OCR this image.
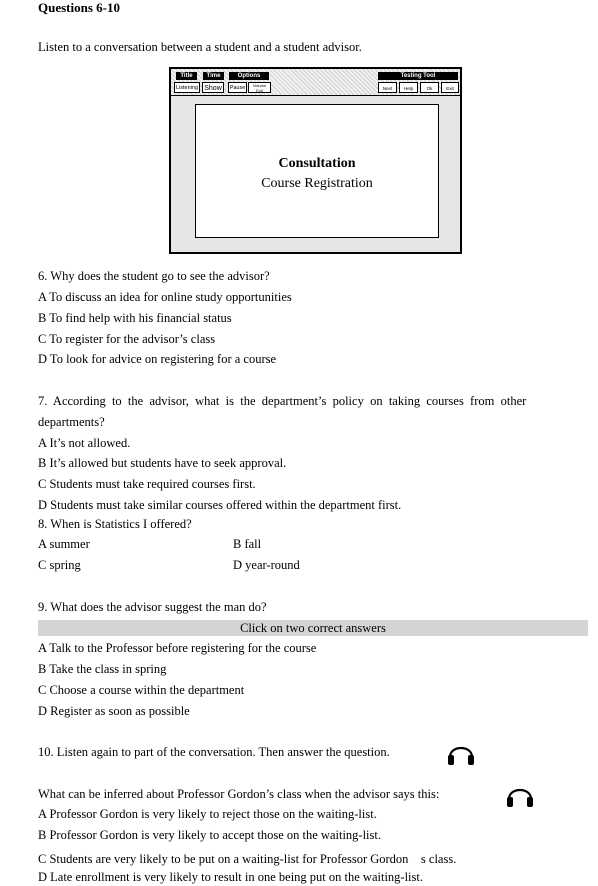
Questions 6-10
Listen to a conversation between a student and a student advisor.
Title	Time	Options
Listening Show	Pause	Volume Exit
Testing Tool
Next	Help	Ok	Exit
Consultation
Course Registration
6. Why does the student go to see the advisor?
A To discuss an idea for online study opportunities
B To find help with his financial status
C To register for the advisor’s class
D To look for advice on registering for a course
7.  According  to  the  advisor,  what  is  the  department’s  policy  on  taking  courses  from  other
departments?
A It’s not allowed.
B It’s allowed but students have to seek approval.
C Students must take required courses first.
D Students must take similar courses offered within the department first.
8. When is Statistics I offered?
A summer	B fall
C spring	D year-round
9. What does the advisor suggest the man do?
Click on two correct answers
A Talk to the Professor before registering for the course
B Take the class in spring
C Choose a course within the department
D Register as soon as possible
10. Listen again to part of the conversation. Then answer the question.
What can be inferred about Professor Gordon’s class when the advisor says this:
A Professor Gordon is very likely to reject those on the waiting-list.
B Professor Gordon is very likely to accept those on the waiting-list.
C Students are very likely to be put on a waiting-list for Professor Gordon　s class.
D Late enrollment is very likely to result in one being put on the waiting-list.
